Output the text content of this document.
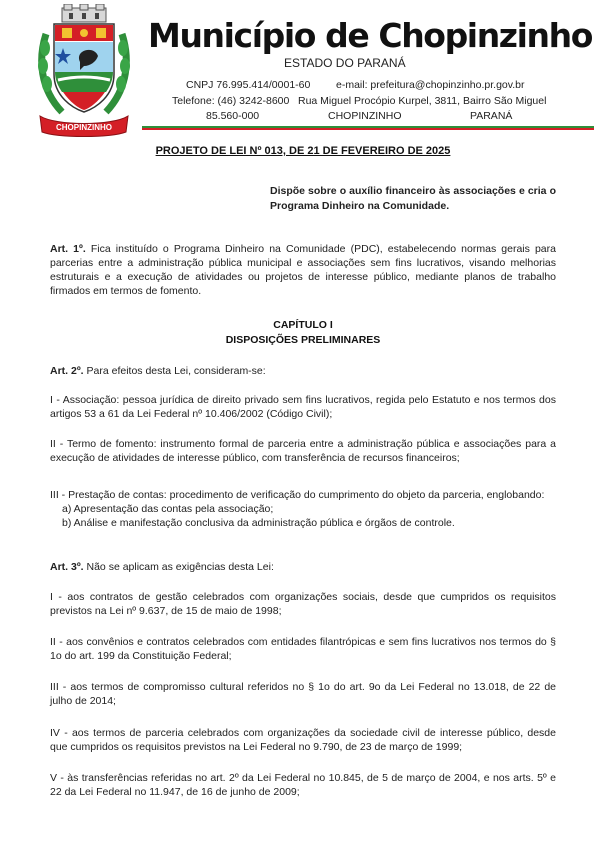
CHOPINZINHO
Município de Chopinzinho
ESTADO DO PARANÁ
CNPJ 76.995.414/0001-60 e-mail: prefeitura@chopinzinho.pr.gov.br
Telefone: (46) 3242-8600 Rua Miguel Procópio Kurpel, 3811, Bairro São Miguel
85.560-000	CHOPINZINHO	PARANÁ
PROJETO DE LEI Nº 013, DE 21 DE FEVEREIRO DE 2025
Dispõe sobre o auxílio financeiro às associações e cria o Programa Dinheiro na Comunidade.

Art. 1º. Fica instituído o Programa Dinheiro na Comunidade (PDC), estabelecendo normas gerais para parcerias entre a administração pública municipal e associações sem fins lucrativos, visando melhorias estruturais e a execução de atividades ou projetos de interesse público, mediante planos de trabalho firmados em termos de fomento.

CAPÍTULO I
DISPOSIÇÕES PRELIMINARES

Art. 2º. Para efeitos desta Lei, consideram-se:

I - Associação: pessoa jurídica de direito privado sem fins lucrativos, regida pelo Estatuto e nos termos dos artigos 53 a 61 da Lei Federal nº 10.406/2002 (Código Civil);

II - Termo de fomento: instrumento formal de parceria entre a administração pública e associações para a execução de atividades de interesse público, com transferência de recursos financeiros;

III - Prestação de contas: procedimento de verificação do cumprimento do objeto da parceria, englobando:

a) Apresentação das contas pela associação;

b) Análise e manifestação conclusiva da administração pública e órgãos de controle.

Art. 3º. Não se aplicam as exigências desta Lei:

I - aos contratos de gestão celebrados com organizações sociais, desde que cumpridos os requisitos previstos na Lei nº 9.637, de 15 de maio de 1998;

II - aos convênios e contratos celebrados com entidades filantrópicas e sem fins lucrativos nos termos do § 1o do art. 199 da Constituição Federal;

III - aos termos de compromisso cultural referidos no § 1o do art. 9o da Lei Federal no 13.018, de 22 de julho de 2014;

IV - aos termos de parceria celebrados com organizações da sociedade civil de interesse público, desde que cumpridos os requisitos previstos na Lei Federal no 9.790, de 23 de março de 1999;

V - às transferências referidas no art. 2º da Lei Federal no 10.845, de 5 de março de 2004, e nos arts. 5º e 22 da Lei Federal no 11.947, de 16 de junho de 2009;
